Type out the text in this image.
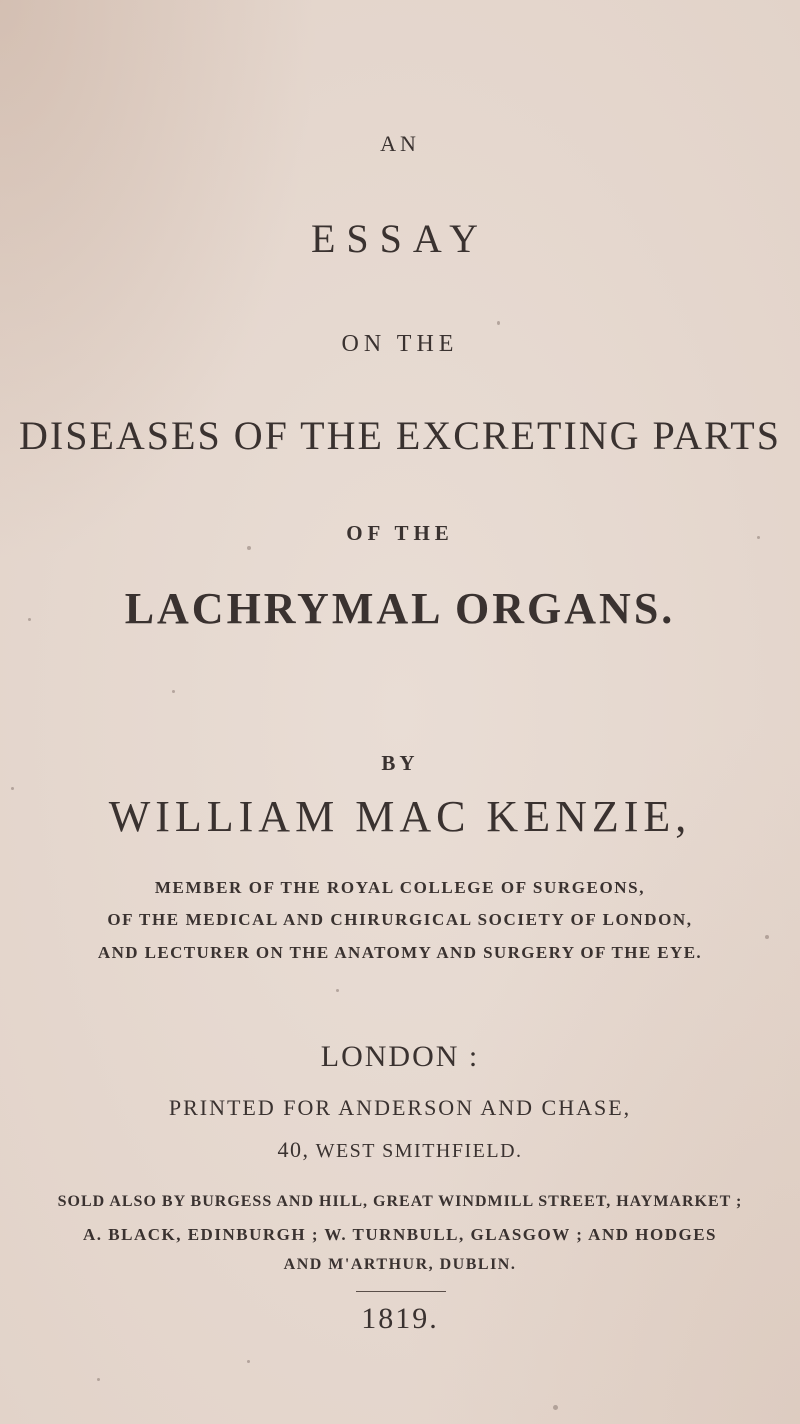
AN
ESSAY
ON THE
DISEASES OF THE EXCRETING PARTS
OF THE
LACHRYMAL ORGANS.
BY
WILLIAM MAC KENZIE,
MEMBER OF THE ROYAL COLLEGE OF SURGEONS,
OF THE MEDICAL AND CHIRURGICAL SOCIETY OF LONDON,
AND LECTURER ON THE ANATOMY AND SURGERY OF THE EYE.
LONDON :
PRINTED FOR ANDERSON AND CHASE,
40, WEST SMITHFIELD.
SOLD ALSO BY BURGESS AND HILL, GREAT WINDMILL STREET, HAYMARKET ;
A. BLACK, EDINBURGH ; W. TURNBULL, GLASGOW ; AND HODGES
AND M'ARTHUR, DUBLIN.
1819.
